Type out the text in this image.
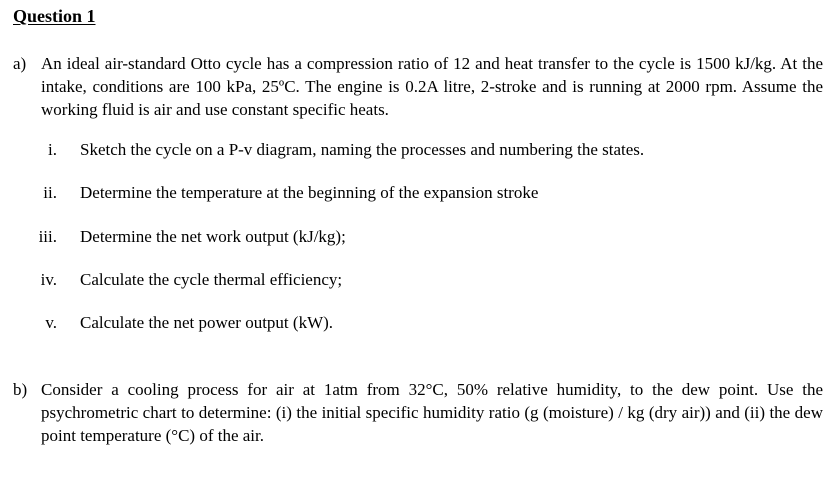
Question 1
a) An ideal air-standard Otto cycle has a compression ratio of 12 and heat transfer to the cycle is 1500 kJ/kg. At the intake, conditions are 100 kPa, 25ºC. The engine is 0.2A litre, 2-stroke and is running at 2000 rpm. Assume the working fluid is air and use constant specific heats.
i. Sketch the cycle on a P-v diagram, naming the processes and numbering the states.
ii. Determine the temperature at the beginning of the expansion stroke
iii. Determine the net work output (kJ/kg);
iv. Calculate the cycle thermal efficiency;
v. Calculate the net power output (kW).
b) Consider a cooling process for air at 1atm from 32°C, 50% relative humidity, to the dew point. Use the psychrometric chart to determine: (i) the initial specific humidity ratio (g (moisture) / kg (dry air)) and (ii) the dew point temperature (°C) of the air.
